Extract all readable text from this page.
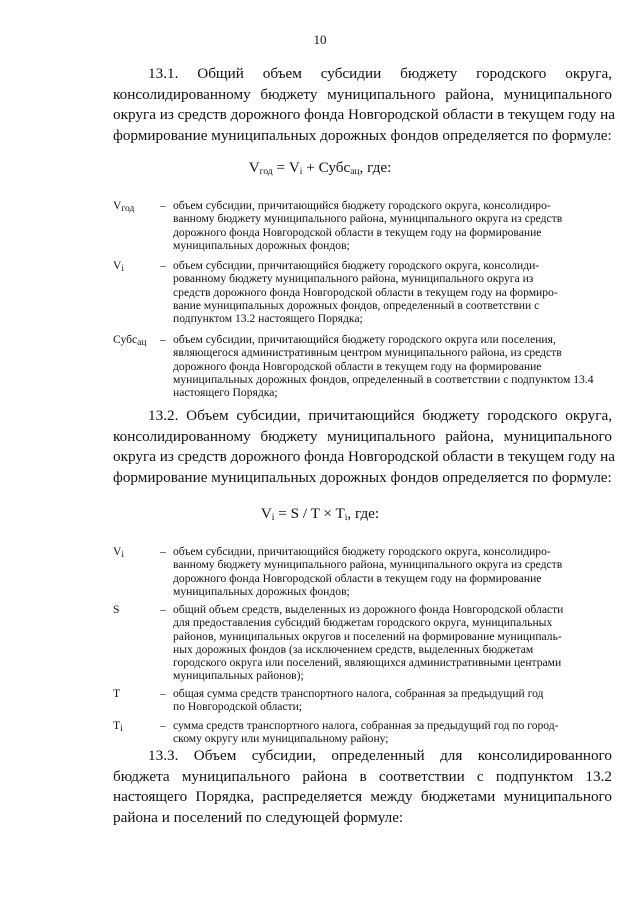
10
13.1. Общий объем субсидии бюджету городского округа,
консолидированному бюджету муниципального района, муниципального
округа из средств дорожного фонда Новгородской области в текущем году на
формирование муниципальных дорожных фондов определяется по формуле:
$V_{год} = V_i$ + Субс$_{ац}$, где:
$V_{год}$	– объем субсидии, причитающийся бюджету городского округа, консолидиро-
ванному бюджету муниципального района, муниципального округа из средств
дорожного фонда Новгородской области в текущем году на формирование
муниципальных дорожных фондов;
$V_i$	– объем субсидии, причитающийся бюджету городского округа, консолиди-
рованному бюджету муниципального района, муниципального округа из
средств дорожного фонда Новгородской области в текущем году на формиро-
вание муниципальных дорожных фондов, определенный в соответствии с
подпунктом 13.2 настоящего Порядка;
Субс$_{ац}$	– объем субсидии, причитающийся бюджету городского округа или поселения,
являющегося административным центром муниципального района, из средств
дорожного фонда Новгородской области в текущем году на формирование
муниципальных дорожных фондов, определенный в соответствии с подпунктом 13.4
настоящего Порядка;
13.2. Объем субсидии, причитающийся бюджету городского округа,
консолидированному бюджету муниципального района, муниципального
округа из средств дорожного фонда Новгородской области в текущем году на
формирование муниципальных дорожных фондов определяется по формуле:
$V_i = S / T \times T_i$, где:
$V_i$	– объем субсидии, причитающийся бюджету городского округа, консолидиро-
ванному бюджету муниципального района, муниципального округа из средств
дорожного фонда Новгородской области в текущем году на формирование
муниципальных дорожных фондов;
S	– общий объем средств, выделенных из дорожного фонда Новгородской области
для предоставления субсидий бюджетам городского округа, муниципальных
районов, муниципальных округов и поселений на формирование муниципаль-
ных дорожных фондов (за исключением средств, выделенных бюджетам
городского округа или поселений, являющихся административными центрами
муниципальных районов);
T	– общая сумма средств транспортного налога, собранная за предыдущий год
по Новгородской области;
$T_i$	– сумма средств транспортного налога, собранная за предыдущий год по город-
скому округу или муниципальному району;
13.3. Объем субсидии, определенный для консолидированного
бюджета муниципального района в соответствии с подпунктом 13.2
настоящего Порядка, распределяется между бюджетами муниципального
района и поселений по следующей формуле:
